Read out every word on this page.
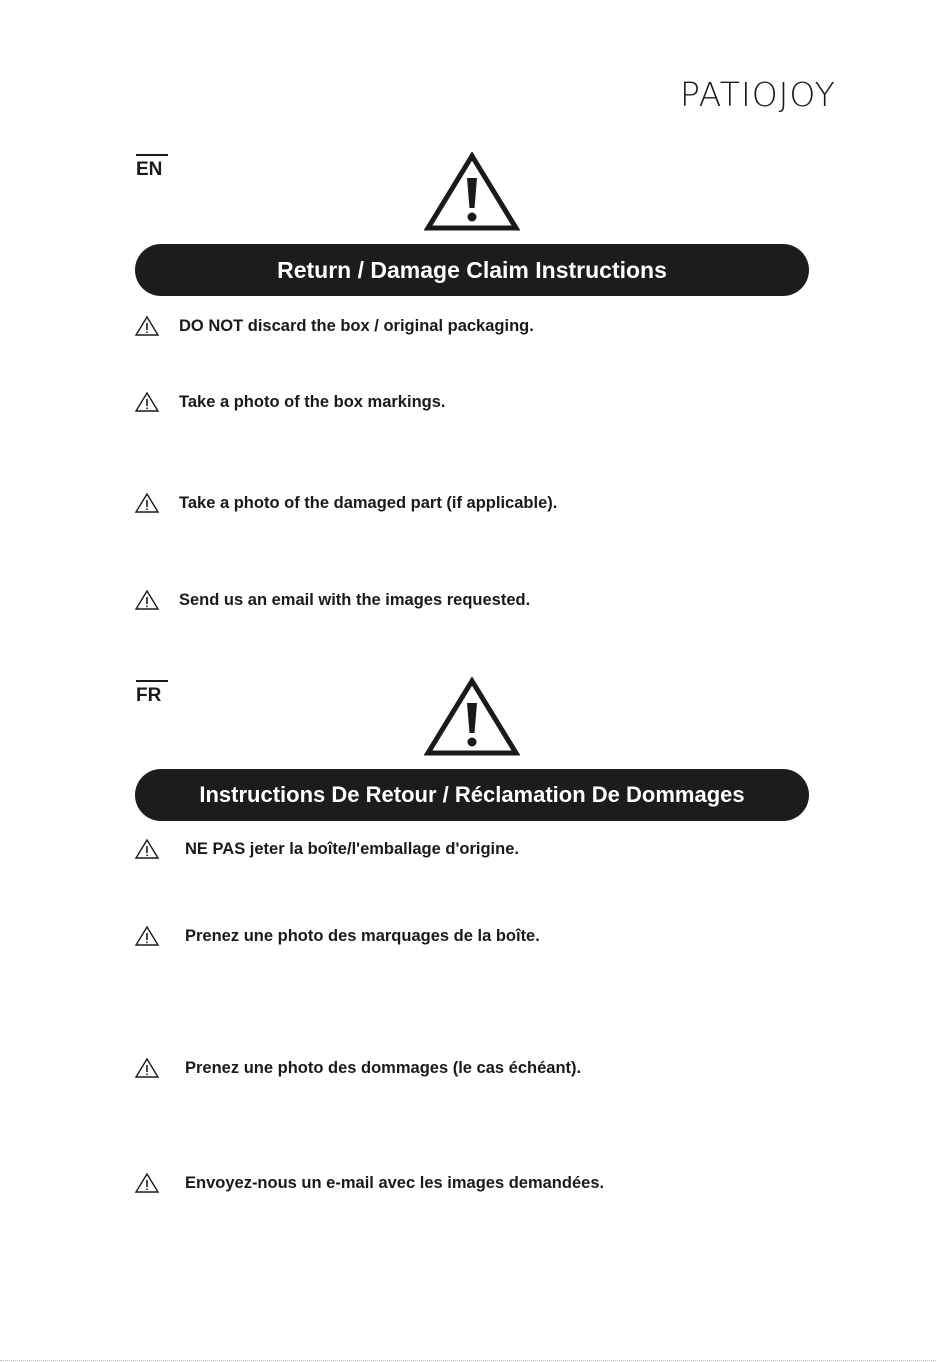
PATIOJOY
EN
Return / Damage Claim Instructions
DO NOT discard the box / original packaging.
Take a photo of the box markings.
Take a photo of the damaged part (if applicable).
Send us an email with the images requested.
FR
Instructions De Retour / Réclamation De Dommages
NE PAS jeter la boîte/l'emballage d'origine.
Prenez une photo des marquages de la boîte.
Prenez une photo des dommages (le cas échéant).
Envoyez-nous un e-mail avec les images demandées.
